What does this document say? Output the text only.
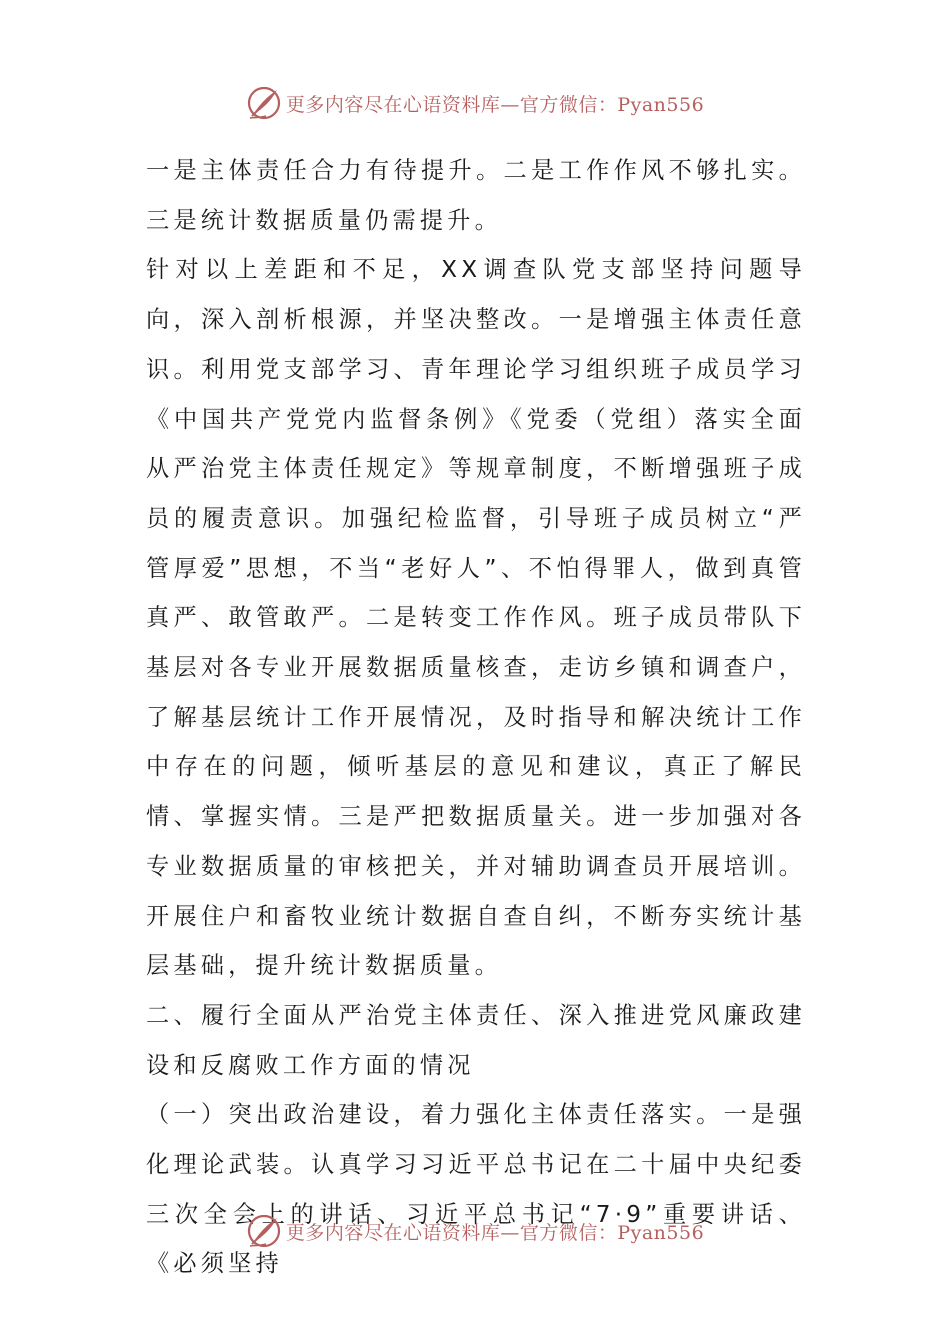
更多内容尽在心语资料库—官方微信：Pyan556

一是主体责任合力有待提升。二是工作作风不够扎实。三是统计数据质量仍需提升。

针对以上差距和不足，XX调查队党支部坚持问题导向，深入剖析根源，并坚决整改。一是增强主体责任意识。利用党支部学习、青年理论学习组织班子成员学习《中国共产党党内监督条例》《党委（党组）落实全面从严治党主体责任规定》等规章制度，不断增强班子成员的履责意识。加强纪检监督，引导班子成员树立“严管厚爱”思想，不当“老好人”、不怕得罪人，做到真管真严、敢管敢严。二是转变工作作风。班子成员带队下基层对各专业开展数据质量核查，走访乡镇和调查户，了解基层统计工作开展情况，及时指导和解决统计工作中存在的问题，倾听基层的意见和建议，真正了解民情、掌握实情。三是严把数据质量关。进一步加强对各专业数据质量的审核把关，并对辅助调查员开展培训。开展住户和畜牧业统计数据自查自纠，不断夯实统计基层基础，提升统计数据质量。

二、履行全面从严治党主体责任、深入推进党风廉政建设和反腐败工作方面的情况

（一）突出政治建设，着力强化主体责任落实。一是强化理论武装。认真学习习近平总书记在二十届中央纪委三次全会上的讲话、习近平总书记“7·9”重要讲话、《必须坚持

更多内容尽在心语资料库—官方微信：Pyan556
